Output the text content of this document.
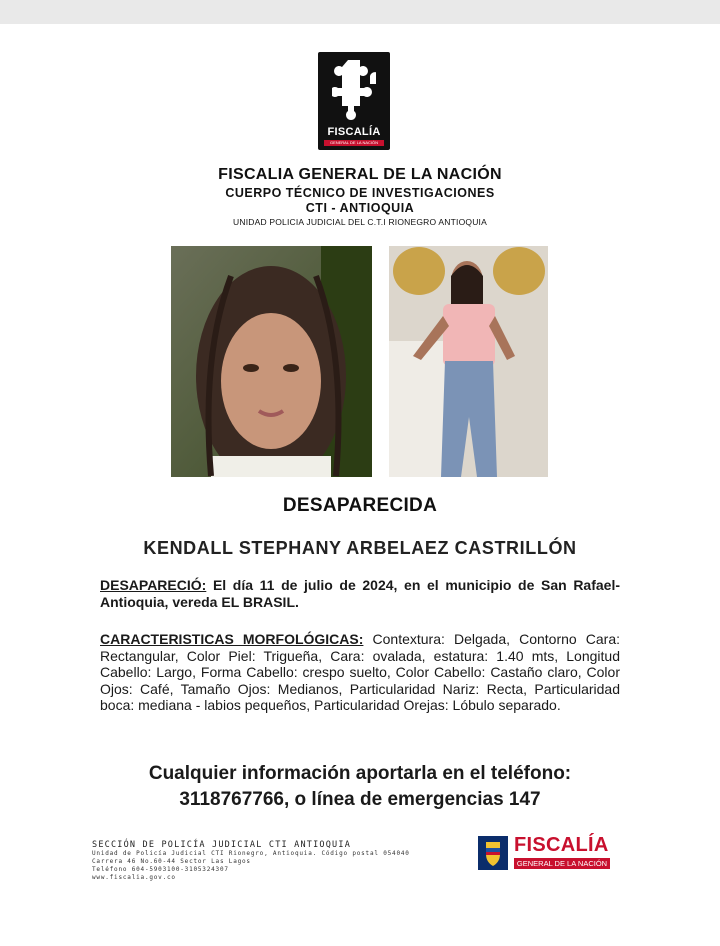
FISCALÍA
GENERAL DE LA NACIÓN
FISCALIA GENERAL DE LA NACIÓN
CUERPO TÉCNICO DE INVESTIGACIONES
CTI - ANTIOQUIA
UNIDAD POLICIA JUDICIAL DEL C.T.I RIONEGRO ANTIOQUIA
DESAPARECIDA
KENDALL STEPHANY ARBELAEZ CASTRILLÓN
DESAPARECIÓ: El día 11 de julio de 2024, en el municipio de San Rafael-Antioquia, vereda EL BRASIL.
CARACTERISTICAS MORFOLÓGICAS: Contextura: Delgada, Contorno Cara: Rectangular, Color Piel: Trigueña, Cara: ovalada, estatura: 1.40 mts, Longitud Cabello: Largo, Forma Cabello: crespo suelto, Color Cabello: Castaño claro, Color Ojos: Café, Tamaño Ojos: Medianos, Particularidad Nariz: Recta, Particularidad boca: mediana - labios pequeños, Particularidad Orejas: Lóbulo separado.
Cualquier información aportarla en el teléfono:
3118767766, o línea de emergencias 147
SECCIÓN DE POLICÍA JUDICIAL CTI ANTIOQUIA
Unidad de Policía Judicial CTI Rionegro, Antioquia. Código postal 054040
Carrera 46 No.60-44 Sector Las Lagos
Teléfono 604-5903100-3105324307
www.fiscalia.gov.co
FISCALÍA
GENERAL DE LA NACIÓN
